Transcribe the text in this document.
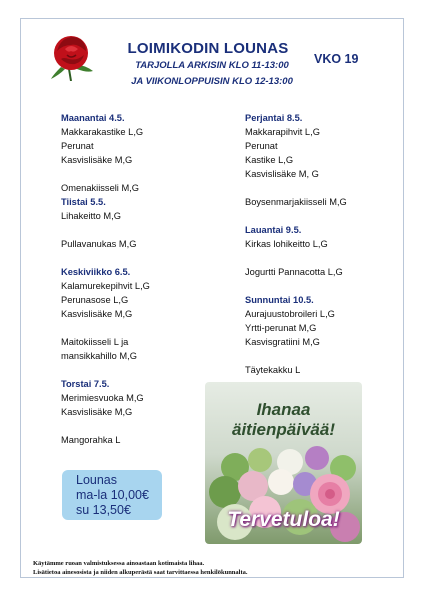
LOIMIKODIN LOUNAS
TARJOLLA ARKISIN KLO 11-13:00
JA VIIKONLOPPUISIN KLO 12-13:00
VKO 19
Maanantai 4.5.
Makkarakastike L,G
Perunat
Kasvislisäke M,G
Omenakiisseli M,G
Tiistai 5.5.
Lihakeitto M,G
Pullavanukas M,G
Keskiviikko 6.5.
Kalamurekepihvit L,G
Perunasose L,G
Kasvislisäke M,G
Maitokiisseli L ja
mansikkahillo M,G
Torstai 7.5.
Merimiesvuoka M,G
Kasvislisäke M,G
Mangorahka L
Perjantai 8.5.
Makkarapihvit L,G
Perunat
Kastike L,G
Kasvislisäke M, G
Boysenmarjakiisseli M,G
Lauantai 9.5.
Kirkas lohikeitto L,G
Jogurtti Pannacotta L,G
Sunnuntai 10.5.
Aurajuustobroileri L,G
Yrtti-perunat M,G
Kasvisgratiini M,G
Täytekakku L
Lounas
ma-la 10,00€
su 13,50€
Ihanaa
äitienpäivää!
Tervetuloa!
Käytämme ruoan valmistuksessa ainoastaan kotimaista lihaa.
Lisätietoa ainesosista ja niiden alkuperästä saat tarvittaessa henkilökunnalta.
